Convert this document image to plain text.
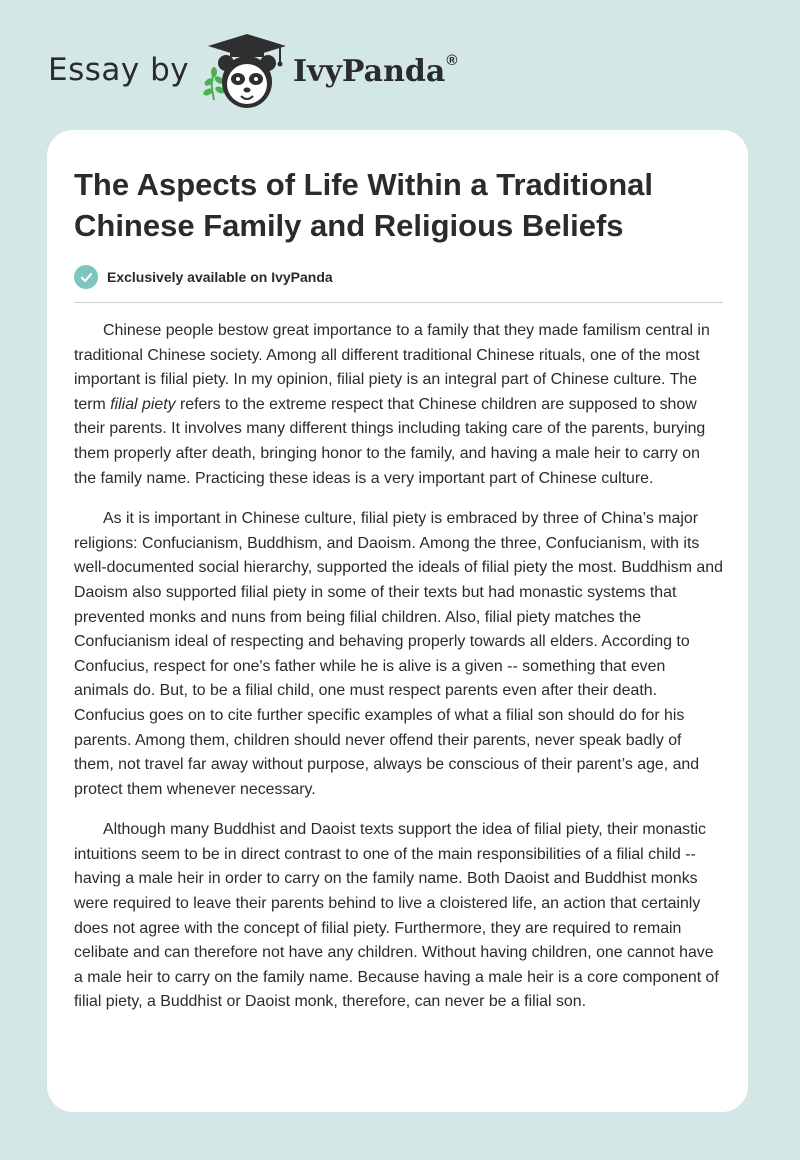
Essay by	IvyPanda®
The Aspects of Life Within a Traditional Chinese Family and Religious Beliefs
Exclusively available on IvyPanda

Chinese people bestow great importance to a family that they made familism central in traditional Chinese society. Among all different traditional Chinese rituals, one of the most important is filial piety. In my opinion, filial piety is an integral part of Chinese culture. The term filial piety refers to the extreme respect that Chinese children are supposed to show their parents. It involves many different things including taking care of the parents, burying them properly after death, bringing honor to the family, and having a male heir to carry on the family name. Practicing these ideas is a very important part of Chinese culture.

As it is important in Chinese culture, filial piety is embraced by three of China’s major religions: Confucianism, Buddhism, and Daoism. Among the three, Confucianism, with its well-documented social hierarchy, supported the ideals of filial piety the most. Buddhism and Daoism also supported filial piety in some of their texts but had monastic systems that prevented monks and nuns from being filial children. Also, filial piety matches the Confucianism ideal of respecting and behaving properly towards all elders. According to Confucius, respect for one's father while he is alive is a given -- something that even animals do. But, to be a filial child, one must respect parents even after their death. Confucius goes on to cite further specific examples of what a filial son should do for his parents. Among them, children should never offend their parents, never speak badly of them, not travel far away without purpose, always be conscious of their parent’s age, and protect them whenever necessary.

Although many Buddhist and Daoist texts support the idea of filial piety, their monastic intuitions seem to be in direct contrast to one of the main responsibilities of a filial child -- having a male heir in order to carry on the family name. Both Daoist and Buddhist monks were required to leave their parents behind to live a cloistered life, an action that certainly does not agree with the concept of filial piety. Furthermore, they are required to remain celibate and can therefore not have any children. Without having children, one cannot have a male heir to carry on the family name. Because having a male heir is a core component of filial piety, a Buddhist or Daoist monk, therefore, can never be a filial son.
